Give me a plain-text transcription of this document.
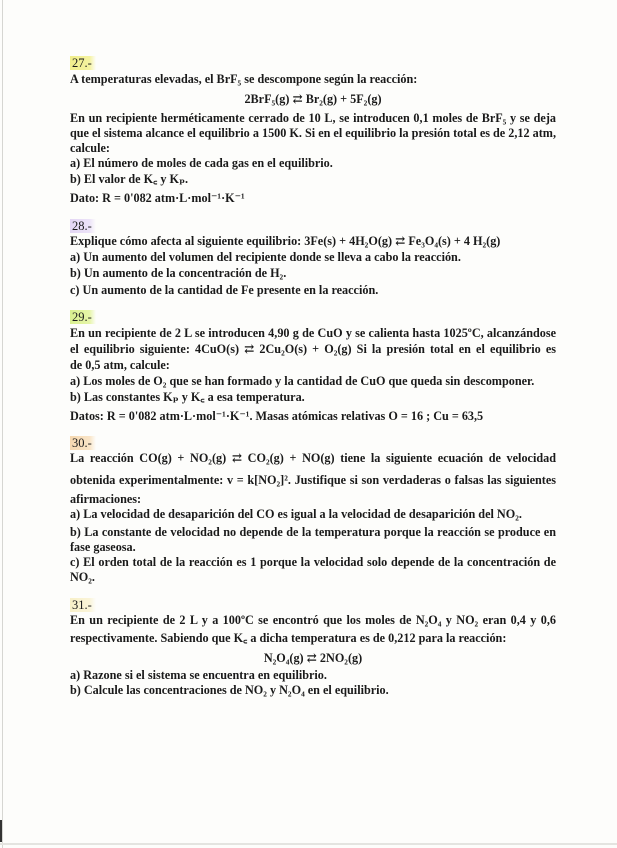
27.-
A temperaturas elevadas, el BrF₅ se descompone según la reacción:
2BrF₅(g) ⇄ Br₂(g) + 5F₂(g)
En un recipiente herméticamente cerrado de 10 L, se introducen 0,1 moles de BrF₅ y se deja
que el sistema alcance el equilibrio a 1500 K. Si en el equilibrio la presión total es de 2,12 atm,
calcule:
a) El número de moles de cada gas en el equilibrio.
b) El valor de K꜀ y Kₚ.
Dato: R = 0'082 atm·L·mol⁻¹·K⁻¹
28.-
Explique cómo afecta al siguiente equilibrio: 3Fe(s) + 4H₂O(g) ⇄ Fe₃O₄(s) + 4 H₂(g)
a) Un aumento del volumen del recipiente donde se lleva a cabo la reacción.
b) Un aumento de la concentración de H₂.
c) Un aumento de la cantidad de Fe presente en la reacción.
29.-
En un recipiente de 2 L se introducen 4,90 g de CuO y se calienta hasta 1025ºC, alcanzándose
el equilibrio siguiente: 4CuO(s) ⇄ 2Cu₂O(s) + O₂(g) Si la presión total en el equilibrio es
de 0,5 atm, calcule:
a) Los moles de O₂ que se han formado y la cantidad de CuO que queda sin descomponer.
b) Las constantes Kₚ y K꜀ a esa temperatura.
Datos: R = 0'082 atm·L·mol⁻¹·K⁻¹. Masas atómicas relativas O = 16 ; Cu = 63,5
30.-
La reacción CO(g) + NO₂(g) ⇄ CO₂(g) + NO(g) tiene la siguiente ecuación de velocidad
obtenida experimentalmente: v = k[NO₂]². Justifique si son verdaderas o falsas las siguientes
afirmaciones:
a) La velocidad de desaparición del CO es igual a la velocidad de desaparición del NO₂.
b) La constante de velocidad no depende de la temperatura porque la reacción se produce en
fase gaseosa.
c) El orden total de la reacción es 1 porque la velocidad solo depende de la concentración de
NO₂.
31.-
En un recipiente de 2 L y a 100ºC se encontró que los moles de N₂O₄ y NO₂ eran 0,4 y 0,6
respectivamente. Sabiendo que K꜀ a dicha temperatura es de 0,212 para la reacción:
N₂O₄(g) ⇄ 2NO₂(g)
a) Razone si el sistema se encuentra en equilibrio.
b) Calcule las concentraciones de NO₂ y N₂O₄ en el equilibrio.
